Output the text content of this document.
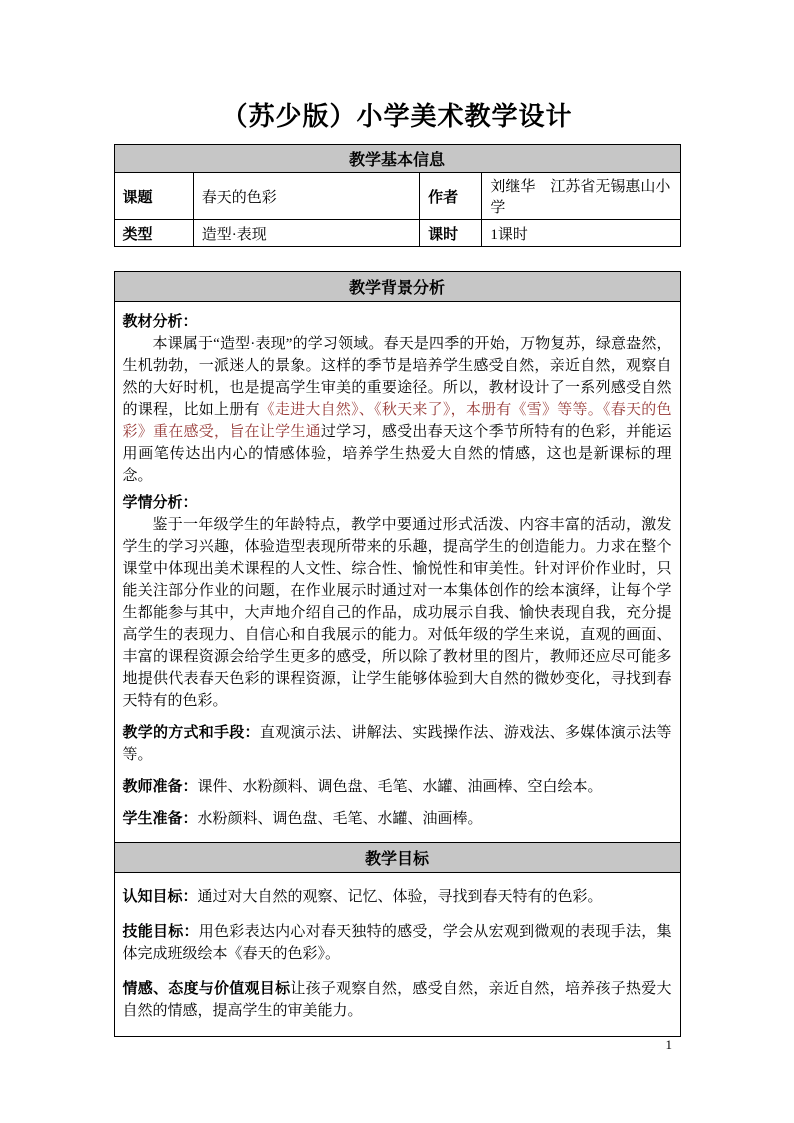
（苏少版）小学美术教学设计
教学基本信息			
课题	春天的色彩	作者	刘继华　江苏省无锡惠山小学
类型	造型·表现	课时	1课时
教学背景分析

教材分析：

本课属于“造型·表现”的学习领域。春天是四季的开始，万物复苏，绿意盎然，生机勃勃，一派迷人的景象。这样的季节是培养学生感受自然，亲近自然，观察自然的大好时机，也是提高学生审美的重要途径。所以，教材设计了一系列感受自然的课程，比如上册有《走进大自然》、《秋天来了》，本册有《雪》等等。《春天的色彩》重在感受，旨在让学生通过学习，感受出春天这个季节所特有的色彩，并能运用画笔传达出内心的情感体验，培养学生热爱大自然的情感，这也是新课标的理念。

学情分析：

鉴于一年级学生的年龄特点，教学中要通过形式活泼、内容丰富的活动，激发学生的学习兴趣，体验造型表现所带来的乐趣，提高学生的创造能力。力求在整个课堂中体现出美术课程的人文性、综合性、愉悦性和审美性。针对评价作业时，只能关注部分作业的问题，在作业展示时通过对一本集体创作的绘本演绎，让每个学生都能参与其中，大声地介绍自己的作品，成功展示自我、愉快表现自我，充分提高学生的表现力、自信心和自我展示的能力。对低年级的学生来说，直观的画面、丰富的课程资源会给学生更多的感受，所以除了教材里的图片，教师还应尽可能多地提供代表春天色彩的课程资源，让学生能够体验到大自然的微妙变化，寻找到春天特有的色彩。

教学的方式和手段：直观演示法、讲解法、实践操作法、游戏法、多媒体演示法等等。

教师准备：课件、水粉颜料、调色盘、毛笔、水罐、油画棒、空白绘本。

学生准备：水粉颜料、调色盘、毛笔、水罐、油画棒。

教学目标

认知目标：通过对大自然的观察、记忆、体验，寻找到春天特有的色彩。

技能目标：用色彩表达内心对春天独特的感受，学会从宏观到微观的表现手法，集体完成班级绘本《春天的色彩》。

情感、态度与价值观目标让孩子观察自然，感受自然，亲近自然，培养孩子热爱大自然的情感，提高学生的审美能力。

1
